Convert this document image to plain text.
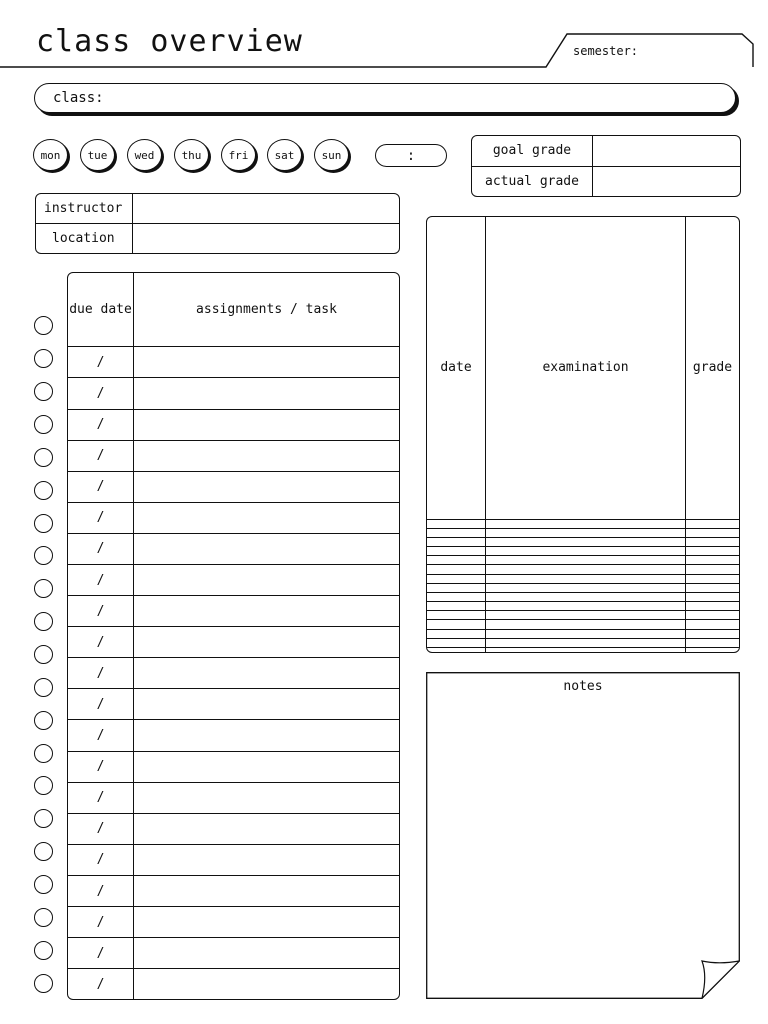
class overview	semester:
class:
mon tue wed thu fri sat sun	:	goal grade	
actual grade	
instructor	
location	
due date	assignments / task
/	
/	
/	
/	
/	
/	
/	
/	
/	
/	
/	
/	
/	
/	
/	
/	
/	
/	
/	
/	
/	
date	examination	grade

notes
